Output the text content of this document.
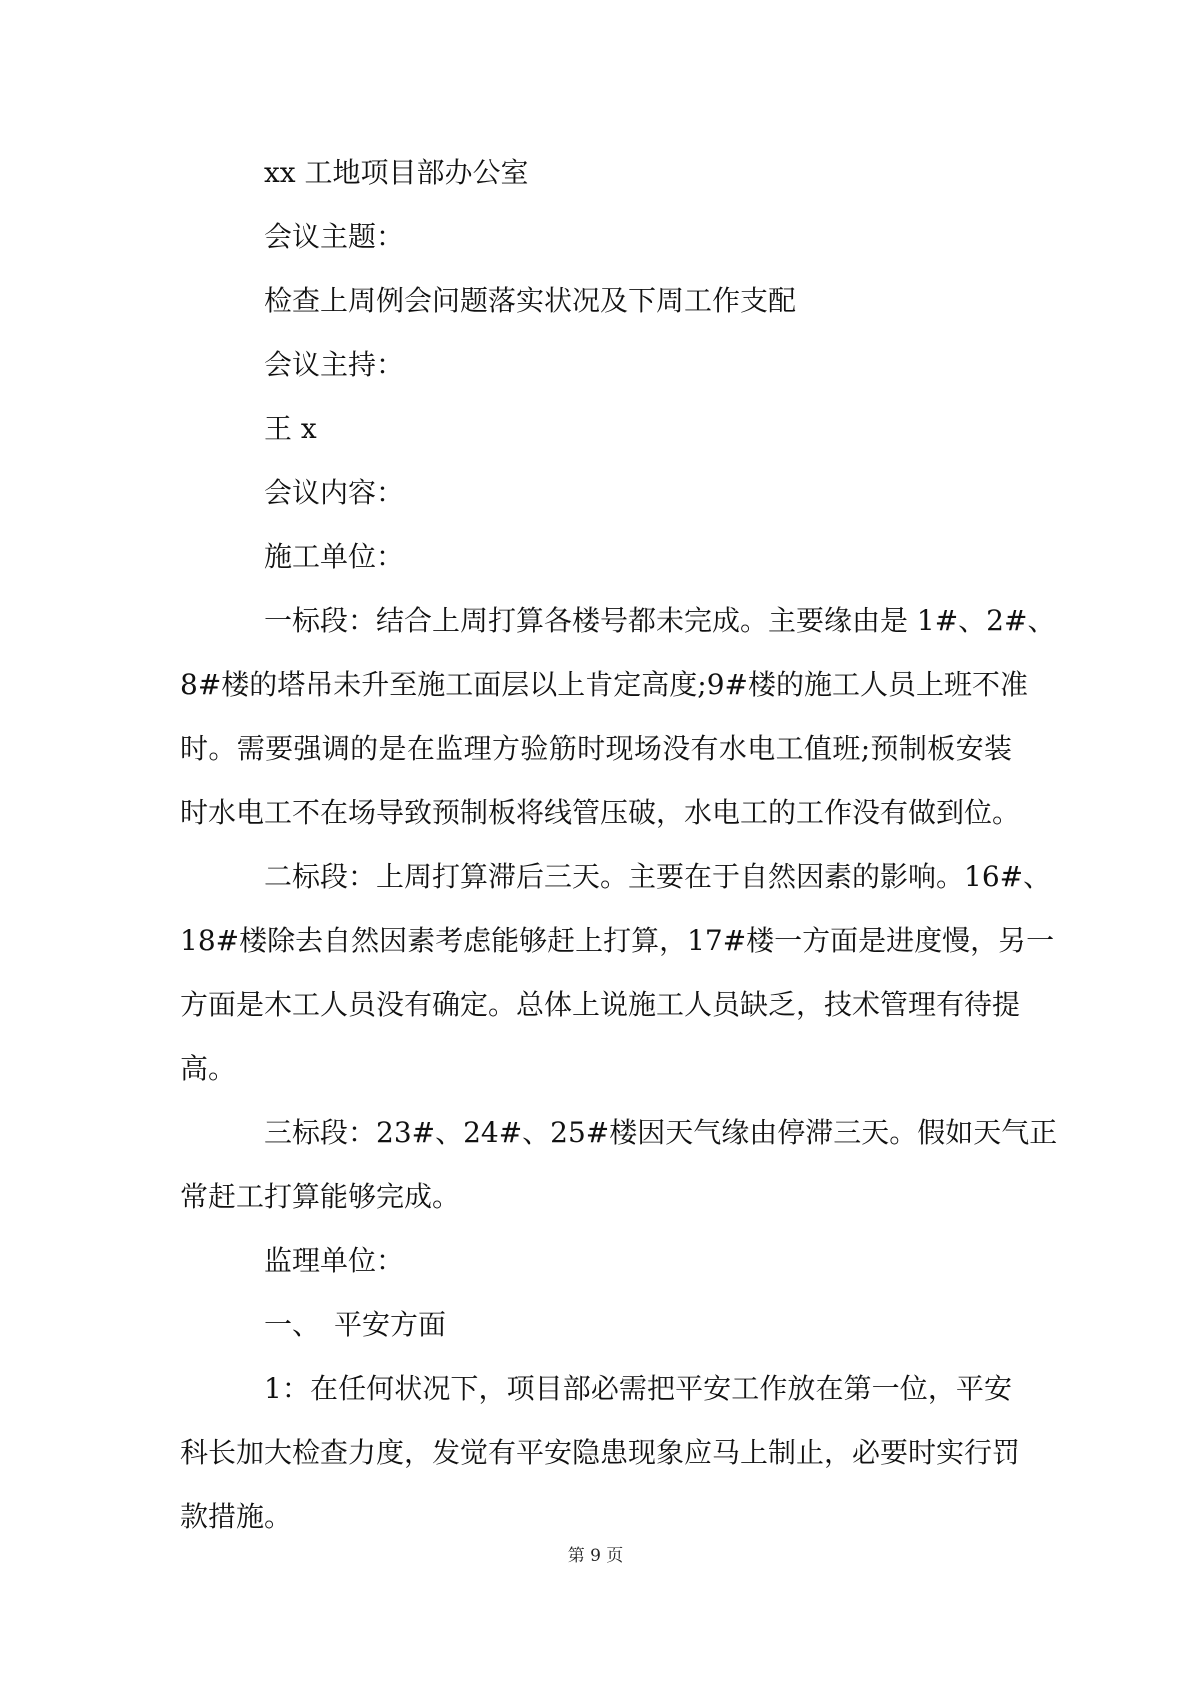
xx 工地项目部办公室

会议主题：

检查上周例会问题落实状况及下周工作支配

会议主持：

王 x

会议内容：

施工单位：

一标段：结合上周打算各楼号都未完成。主要缘由是 1#、2#、

8#楼的塔吊未升至施工面层以上肯定高度;9#楼的施工人员上班不准

时。需要强调的是在监理方验筋时现场没有水电工值班;预制板安装

时水电工不在场导致预制板将线管压破，水电工的工作没有做到位。

二标段：上周打算滞后三天。主要在于自然因素的影响。16#、

18#楼除去自然因素考虑能够赶上打算，17#楼一方面是进度慢，另一

方面是木工人员没有确定。总体上说施工人员缺乏，技术管理有待提

高。

三标段：23#、24#、25#楼因天气缘由停滞三天。假如天气正

常赶工打算能够完成。

监理单位：

一、　平安方面

1：在任何状况下，项目部必需把平安工作放在第一位，平安

科长加大检查力度，发觉有平安隐患现象应马上制止，必要时实行罚

款措施。

第 9 页
